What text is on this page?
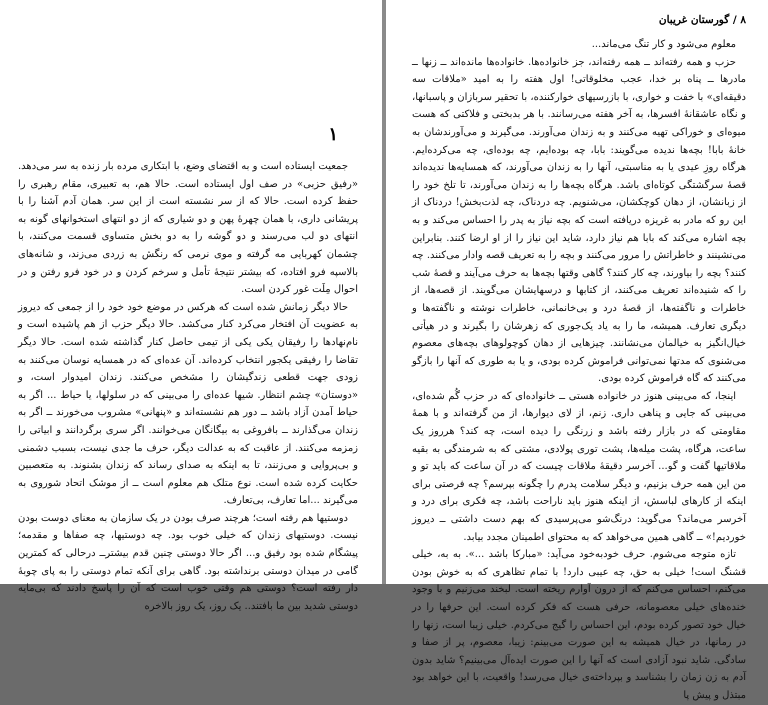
۱

جمعیت ایستاده است و به اقتضای وضع، با ابتکاری مرده بار زنده به سر می‌دهد. «رفیق حزبی» در صف اول ایستاده است. حالا هم، به تعبیری، مقام رهبری را حفظ کرده است. حالا که از سر نشسته است از این سر. همان آدم آشنا را با پریشانی داری، با همان چهرهٔ پهن و دو شیاری که از دو انتهای استخوانهای گونه به انتهای دو لب می‌رسند و دو گوشه را به دو بخش متساوی قسمت می‌کنند، با چشمان کهربایی مه گرفته و موی نرمی که رنگش به زردی می‌زند، و شانه‌های بالاسپه فرو افتاده، که بیشتر نتیجهٔ تأمل و سرخم کردن و در خود فرو رفتن و در احوال مِلَت غور کردن است.

حالا دیگر زمانش شده است که هرکس در موضع خود خود را از جمعی که دیروز به عضویت آن افتخار می‌کرد کنار می‌کشد. حالا دیگر حزب از هم پاشیده است و نام‌نهادها را رفیقان یکی یکی از تیمی حاصل کنار گذاشته شده است. حالا دیگر تقاضا را رفیقی یکجور انتخاب کرده‌اند. آن عده‌ای که در همسایه نوسان می‌کنند به زودی جهت قطعی زندگیشان را مشخص می‌کنند. زندان امیدوار است، و «دوستان» چشم انتظار. شیها عده‌ای را می‌بینی که در سلولها، یا حیاط ... اگر به حیاط آمدن آزاد باشد ــ دور هم نشسته‌اند و «پنهانی» مشروب می‌خورند ــ اگر به زندان می‌گذارند ــ بافروغی به بیگانگان می‌خوانند. اگر سری برگردانند و ابیاتی را زمزمه می‌کنند. از عاقبت که به عدالت دیگر، حرف ما جدی نیست، بسبب دشمنی و بی‌پروایی و می‌زنند، تا به اینکه به صدای رساند که زندان بشنوند. به متعصبین حکایت کرده شده است. نوع متلک هم معلوم است ــ از موشک اتحاد شوروی به می‌گیرند ...اما تعارف، بی‌تعارف.

دوستیها هم رفته است؛ هرچند صرف بودن در یک سازمان به معنای دوست بودن نیست. دوستیهای زندان که خیلی خوب بود. چه دوستیها، چه صفاها و مقدمه؛ پیشگام شده بود رفیق و... اگر حالا دوستی چنین قدم بیشترــ درحالی که کمترین گامی در میدان دوستی برنداشته بود. گاهی برای آنکه تمام دوستی را به پای چوبهٔ دار رفته است؟ دوستی هم وقتی خوب است که آن را پاسخ دادند که بی‌مایه دوستی شدید بین ما بافتند.. یک روز، یک روز بالاخره

۸ / گورستان غریبان

معلوم می‌شود و کار تنگ می‌ماند...

حزب و همه رفته‌اند ــ همه رفته‌اند، جز خانواده‌ها. خانواده‌ها مانده‌اند ــ زنها ــ مادرها ــ پناه بر خدا، عجب مخلوقاتی! اول هفته را به امید «ملاقات سه دقیقه‌ای» با خفت و خواری، با بازرسیهای خوارکننده، با تحقیر سربازان و پاسبانها، و نگاه عاشقانهٔ افسرها، به آخر هفته می‌رسانند. با هر بدبختی و فلاکتی که هست میوه‌ای و خوراکی تهیه می‌کنند و به زندان می‌آورند. می‌گیرند و می‌آورندشان به خانهٔ بابا! بچه‌ها ندیده می‌گویند: بابا، چه بوده‌ایم، چه بوده‌ای، چه می‌کرده‌ایم. هرگاه روزِ عیدی یا به مناسبتی، آنها را به زندان می‌آورند، که همسایه‌ها ندیده‌اند قصهٔ سرگشتگی کوتاه‌ای باشد. هرگاه بچه‌ها را به زندان می‌آورند، تا تلخ خود را از زبانشان، از دهان کوچکشان، می‌شنویم. چه دردناک، چه لذت‌بخش! دردناک از این رو که مادر به غریزه دریافته است که بچه نیاز به پدر را احساس می‌کند و به بچه اشاره می‌کند که بابا هم نیاز دارد، شاید این نیاز را از او ارضا کنند. بنابراین می‌نشینند و خاطراتش را مرور می‌کنند و بچه را به تعریف قصه وادار می‌کنند. چه کنند؟ بچه را بیاورند، چه کار کنند؟ گاهی وقتها بچه‌ها به حرف می‌آیند و قصهٔ شب را که شنیده‌اند تعریف می‌کنند، از کتابها و درسهایشان می‌گویند. از قصه‌ها، از خاطرات و ناگفته‌ها، از قصهٔ درد و بی‌خانمانی، خاطرات نوشته و ناگفته‌ها و دیگری تعارف. همیشه، ما را به یاد یک‌جوری که زهرشان را بگیرند و در هیأتی خیال‌انگیز به خیالمان می‌نشانند. چیزهایی از دهان کوچولوهای بچه‌های معصوم می‌شنوی که مدتها نمی‌توانی فراموش کرده بودی، و یا به طوری که آنها را بازگو می‌کنند که گاه فراموش کرده بودی.

اینجا، که می‌بینی هنوز در خانواده هستی ــ خانواده‌ای که در حزب گُم شده‌ای، می‌بینی که جایی و پناهی داری. زنم، از لای دیوارها، از من گرفته‌اند و با همهٔ مقاومتی که در بازار رفته باشد و زرنگی را دیده است، چه کند؟ هرروز یک ساعت، هرگاه، پشت میله‌ها، پشت توری پولادی، مشتی که به شرمندگی به بقیه ملاقاتیها گفت و گو... آخرسر دقیقهٔ ملاقات چیست که در آن ساعت که باید تو و من این همه حرف بزنیم، و دیگر سلامت پدرم را چگونه بپرسم؟ چه فرصتی برای اینکه از کارهای لباسش، از اینکه هنوز باید ناراحت باشد، چه فکری برای درد و آخرسر می‌ماند؟ می‌گوید: درنگ‌شو می‌پرسیدی که بهم دست داشتی ــ دیروز خوردیم!» ــ گاهی همین می‌خواهد که به محتوای اطمینان مجدد بیابد.

تازه متوجه می‌شوم. حرف خودبه‌خود می‌آید: «مبارکا باشد ...». به به، خیلی قشنگ است! خیلی به حق، چه عیبی دارد! با تمام تظاهری که به خوش بودن می‌کنم، احساس می‌کنم که از درون آوارم ریخته است. لبخند می‌زنیم و با وجود خنده‌های خیلی معصومانه، حرفی هست که فکر کرده است. این حرفها را در خیال خود تصور کرده بودم، این احساس را گیج می‌کردم. خیلی زیبا است، زنها را در رمانها، در خیال همیشه به این صورت می‌بینم: زیبا، معصوم، پر از صفا و سادگی. شاید نبود آزادی است که آنها را این صورت ایده‌آل می‌بینیم؟ شاید بدون آدم به زن زمان را بشناسد و بپرداخته‌ی خیال می‌رسد! واقعیت، با این خواهد بود مبتذل و پیش پا
